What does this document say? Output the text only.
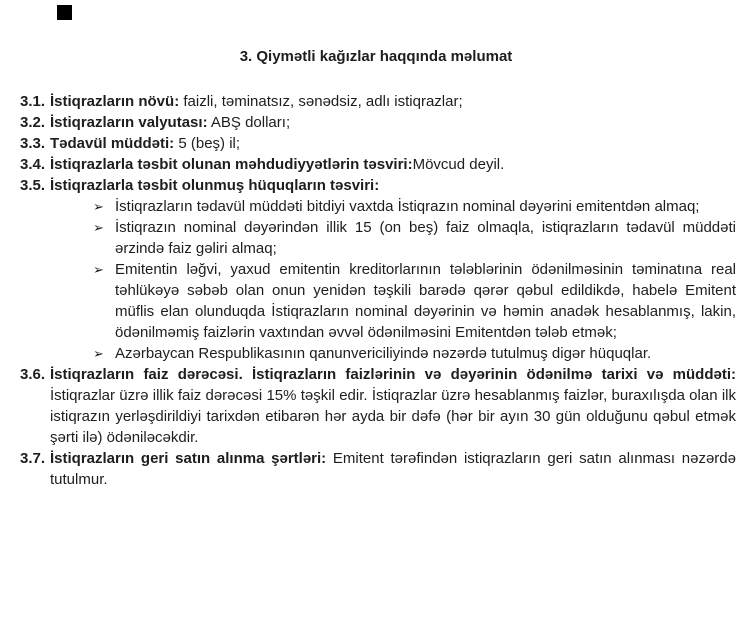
3. Qiymətli kağızlar haqqında məlumat
3.1. İstiqrazların növü: faizli, təminatsız, sənədsiz, adlı istiqrazlar;
3.2. İstiqrazların valyutası: ABŞ dolları;
3.3. Tədavül müddəti: 5 (beş) il;
3.4. İstiqrazlarla təsbit olunan məhdudiyyətlərin təsviri:Mövcud deyil.
3.5. İstiqrazlarla təsbit olunmuş hüquqların təsviri:
➢ İstiqrazların tədavül müddəti bitdiyi vaxtda İstiqrazın nominal dəyərini emitentdən almaq;
➢ İstiqrazın nominal dəyərindən illik 15 (on beş) faiz olmaqla, istiqrazların tədavül müddəti ərzində faiz gəliri almaq;
➢ Emitentin ləğvi, yaxud emitentin kreditorlarının tələblərinin ödənilməsinin təminatına real təhlükəyə səbəb olan onun yenidən təşkili barədə qərər qəbul edildikdə, habelə Emitent müflis elan olunduqda İstiqrazların nominal dəyərinin və həmin anadək hesablanmış, lakin, ödənilməmiş faizlərin vaxtından əvvəl ödənilməsini Emitentdən tələb etmək;
➢ Azərbaycan Respublikasının qanunvericiliyində nəzərdə tutulmuş digər hüquqlar.
3.6. İstiqrazların faiz dərəcəsi. İstiqrazların faizlərinin və dəyərinin ödənilmə tarixi və müddəti: İstiqrazlar üzrə illik faiz dərəcəsi 15% təşkil edir. İstiqrazlar üzrə hesablanmış faizlər, buraxılışda olan ilk istiqrazın yerləşdirildiyi tarixdən etibarən hər ayda bir dəfə (hər bir ayın 30 gün olduğunu qəbul etmək şərti ilə) ödəniləcəkdir.
3.7. İstiqrazların geri satın alınma şərtləri: Emitent tərəfindən istiqrazların geri satın alınması nəzərdə tutulmur.
